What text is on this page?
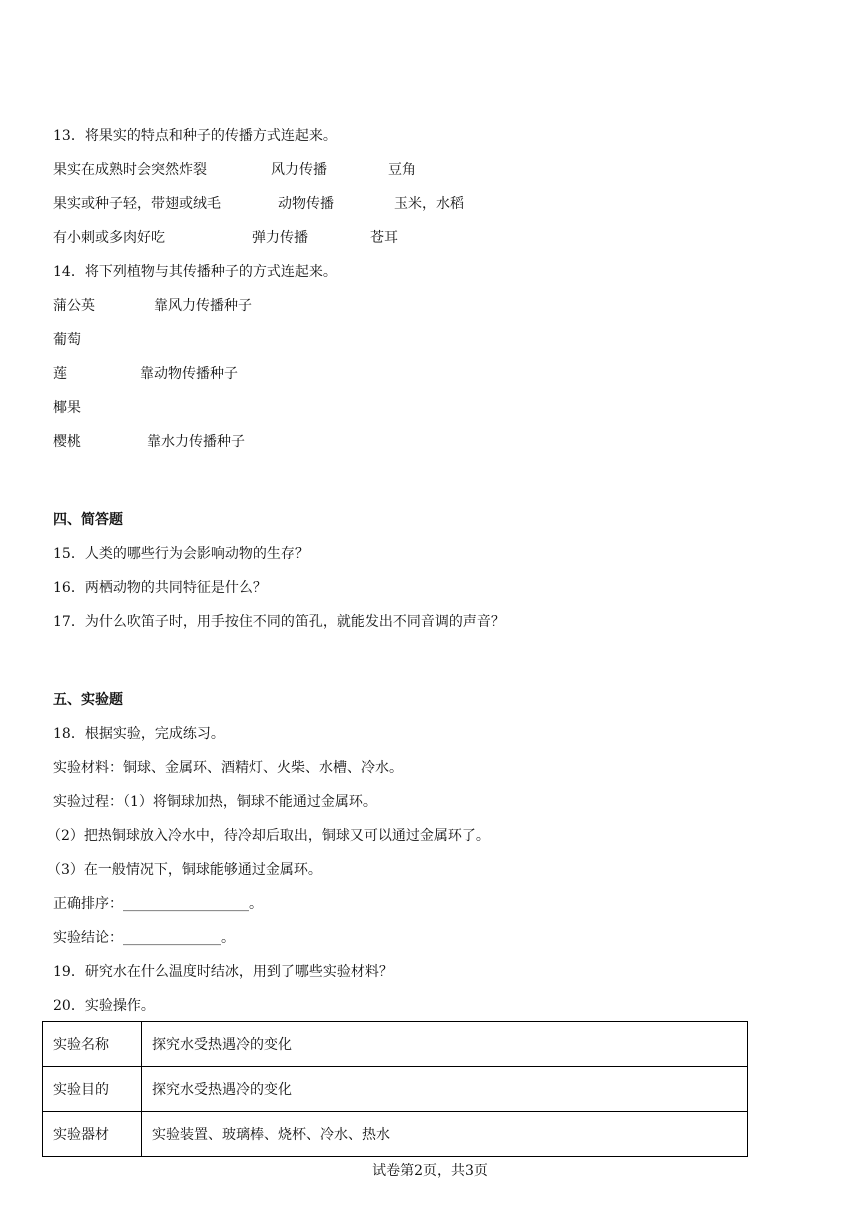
13．将果实的特点和种子的传播方式连起来。
果实在成熟时会突然炸裂	风力传播	豆角
果实或种子轻，带翅或绒毛	动物传播	玉米，水稻
有小刺或多肉好吃	弹力传播	苍耳
14．将下列植物与其传播种子的方式连起来。
蒲公英	靠风力传播种子
葡萄
莲	靠动物传播种子
椰果
樱桃	靠水力传播种子
四、简答题
15．人类的哪些行为会影响动物的生存？
16．两栖动物的共同特征是什么？
17．为什么吹笛子时，用手按住不同的笛孔，就能发出不同音调的声音？
五、实验题
18．根据实验，完成练习。
实验材料：铜球、金属环、酒精灯、火柴、水槽、冷水。
实验过程：（1）将铜球加热，铜球不能通过金属环。
（2）把热铜球放入冷水中，待冷却后取出，铜球又可以通过金属环了。
（3）在一般情况下，铜球能够通过金属环。
正确排序：__________________。
实验结论：______________。
19．研究水在什么温度时结冰，用到了哪些实验材料？
20．实验操作。
实验名称	探究水受热遇冷的变化
实验目的	探究水受热遇冷的变化
实验器材	实验装置、玻璃棒、烧杯、冷水、热水
试卷第2页，共3页
